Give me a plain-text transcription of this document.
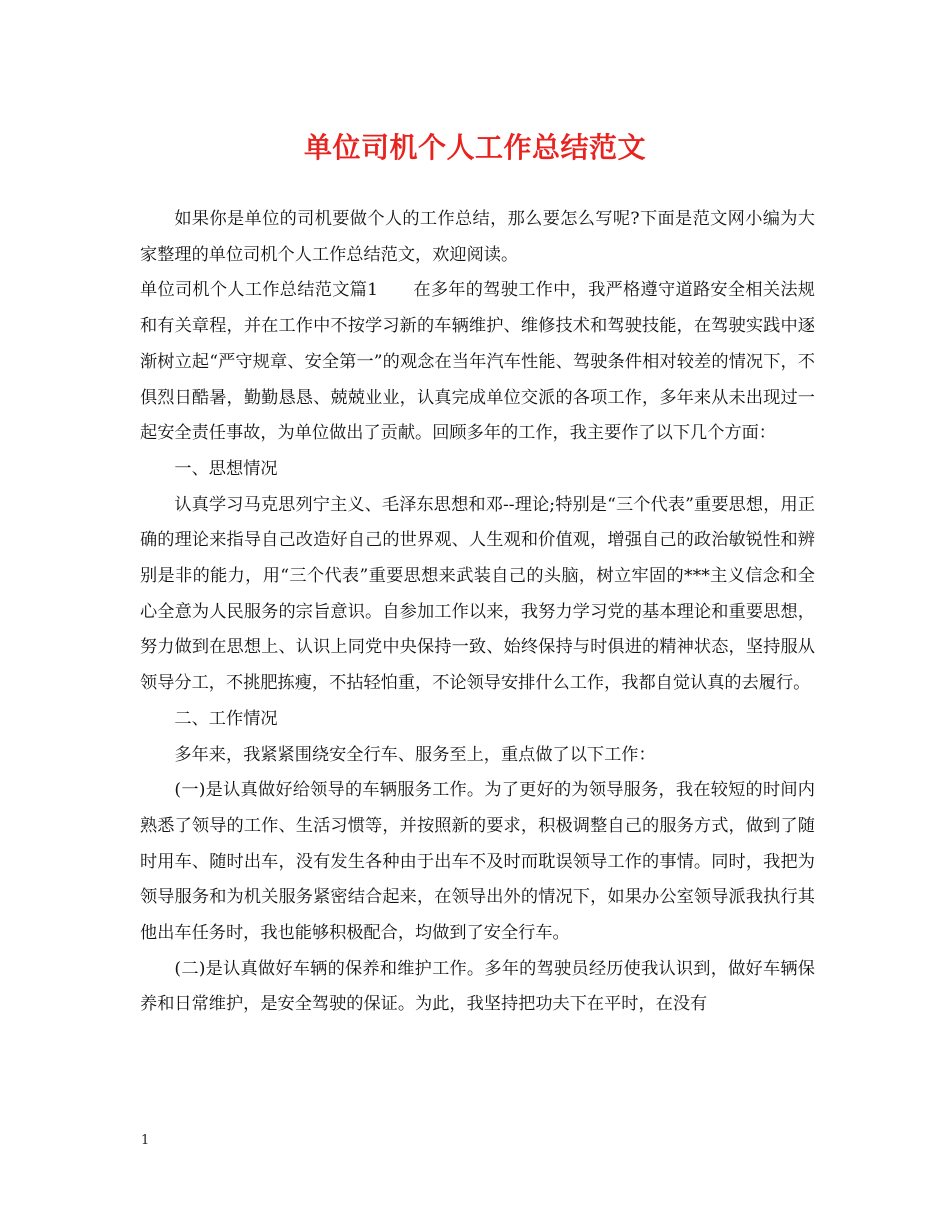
单位司机个人工作总结范文

如果你是单位的司机要做个人的工作总结，那么要怎么写呢?下面是范文网小编为大家整理的单位司机个人工作总结范文，欢迎阅读。

单位司机个人工作总结范文篇1　　在多年的驾驶工作中，我严格遵守道路安全相关法规和有关章程，并在工作中不按学习新的车辆维护、维修技术和驾驶技能，在驾驶实践中逐渐树立起“严守规章、安全第一”的观念在当年汽车性能、驾驶条件相对较差的情况下，不俱烈日酷暑，勤勤恳恳、兢兢业业，认真完成单位交派的各项工作，多年来从未出现过一起安全责任事故，为单位做出了贡献。回顾多年的工作，我主要作了以下几个方面：

一、思想情况

认真学习马克思列宁主义、毛泽东思想和邓--理论;特别是“三个代表”重要思想，用正确的理论来指导自己改造好自己的世界观、人生观和价值观，增强自己的政治敏锐性和辨别是非的能力，用“三个代表”重要思想来武装自己的头脑，树立牢固的***主义信念和全心全意为人民服务的宗旨意识。自参加工作以来，我努力学习党的基本理论和重要思想，努力做到在思想上、认识上同党中央保持一致、始终保持与时俱进的精神状态，坚持服从领导分工，不挑肥拣瘦，不拈轻怕重，不论领导安排什么工作，我都自觉认真的去履行。

二、工作情况

多年来，我紧紧围绕安全行车、服务至上，重点做了以下工作：

(一)是认真做好给领导的车辆服务工作。为了更好的为领导服务，我在较短的时间内熟悉了领导的工作、生活习惯等，并按照新的要求，积极调整自己的服务方式，做到了随时用车、随时出车，没有发生各种由于出车不及时而耽误领导工作的事情。同时，我把为领导服务和为机关服务紧密结合起来，在领导出外的情况下，如果办公室领导派我执行其他出车任务时，我也能够积极配合，均做到了安全行车。

(二)是认真做好车辆的保养和维护工作。多年的驾驶员经历使我认识到，做好车辆保养和日常维护，是安全驾驶的保证。为此，我坚持把功夫下在平时，在没有

1
